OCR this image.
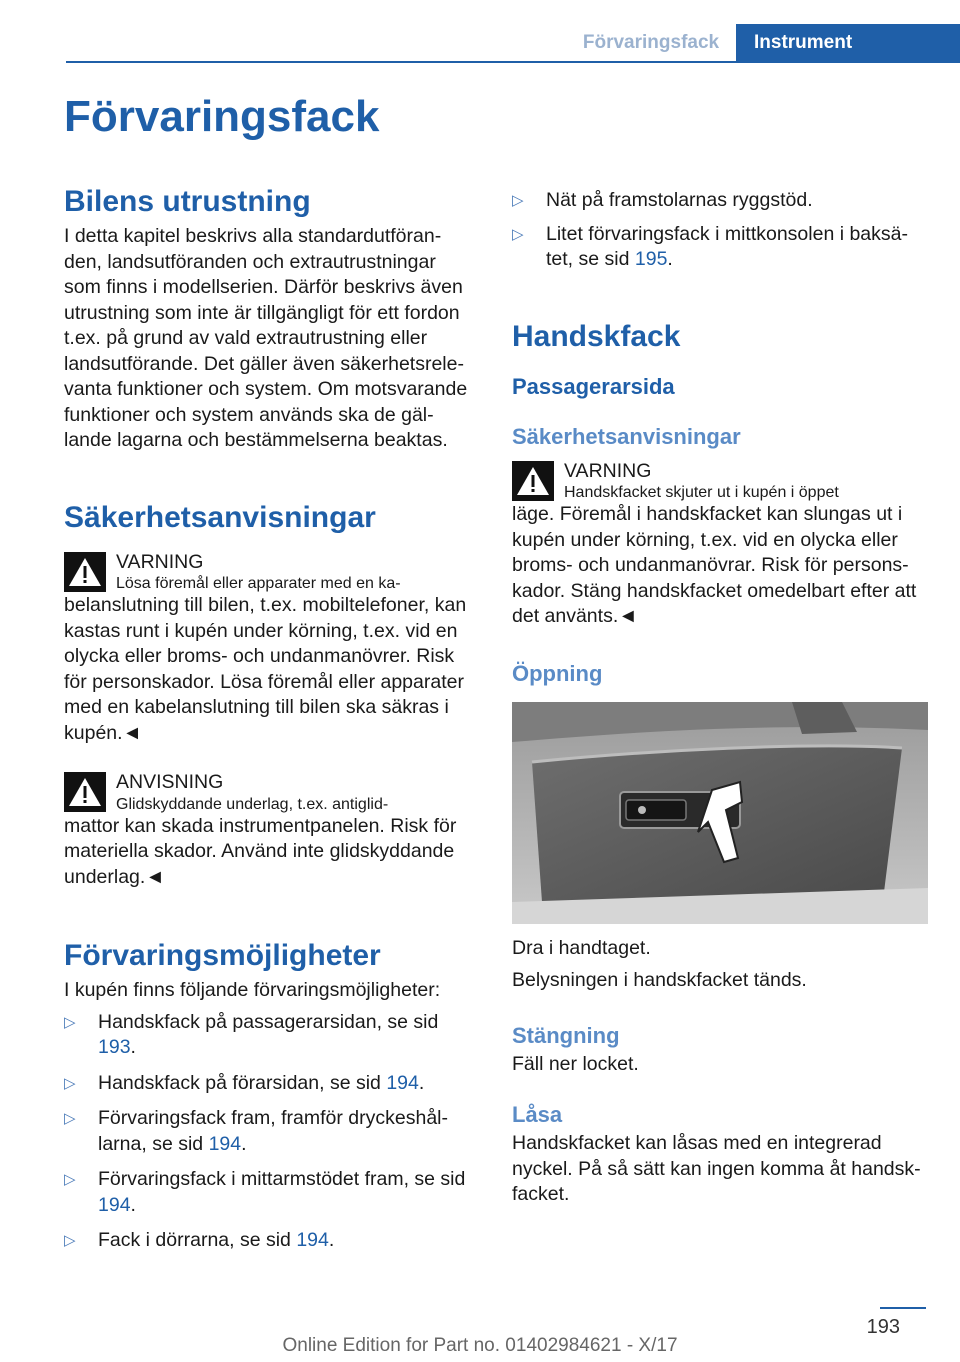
Förvaringsfack	Instrument
Förvaringsfack
Bilens utrustning

I detta kapitel beskrivs alla standardutföran-den, landsutföranden och extrautrustningar som finns i modellserien. Därför beskrivs även utrustning som inte är tillgängligt för ett fordon t.ex. på grund av vald extrautrustning eller landsutförande. Det gäller även säkerhetsrele-vanta funktioner och system. Om motsvarande funktioner och system används ska de gäl-lande lagarna och bestämmelserna beaktas.

Säkerhetsanvisningar
VARNING
Lösa föremål eller apparater med en ka-

belanslutning till bilen, t.ex. mobiltelefoner, kan kastas runt i kupén under körning, t.ex. vid en olycka eller broms- och undanmanövrer. Risk för personskador. Lösa föremål eller apparater med en kabelanslutning till bilen ska säkras i kupén.◄

ANVISNING
Glidskyddande underlag, t.ex. antiglid-

mattor kan skada instrumentpanelen. Risk för materiella skador. Använd inte glidskyddande underlag.◄

Förvaringsmöjligheter

I kupén finns följande förvaringsmöjligheter:

▷ Handskfack på passagerarsidan, se sid 193.
▷ Handskfack på förarsidan, se sid 194.
▷ Förvaringsfack fram, framför dryckeshål-larna, se sid 194.
▷ Förvaringsfack i mittarmstödet fram, se sid 194.
▷ Fack i dörrarna, se sid 194.
▷ Nät på framstolarnas ryggstöd.
▷ Litet förvaringsfack i mittkonsolen i baksä-tet, se sid 195.
Handskfack
Passagerarsida
Säkerhetsanvisningar
VARNING
Handskfacket skjuter ut i kupén i öppet

läge. Föremål i handskfacket kan slungas ut i kupén under körning, t.ex. vid en olycka eller broms- och undanmanövrar. Risk för persons-kador. Stäng handskfacket omedelbart efter att det använts.◄

Öppning

Dra i handtaget.

Belysningen i handskfacket tänds.

Stängning

Fäll ner locket.

Låsa

Handskfacket kan låsas med en integrerad nyckel. På så sätt kan ingen komma åt handsk-facket.

193
Online Edition for Part no. 01402984621 - X/17
